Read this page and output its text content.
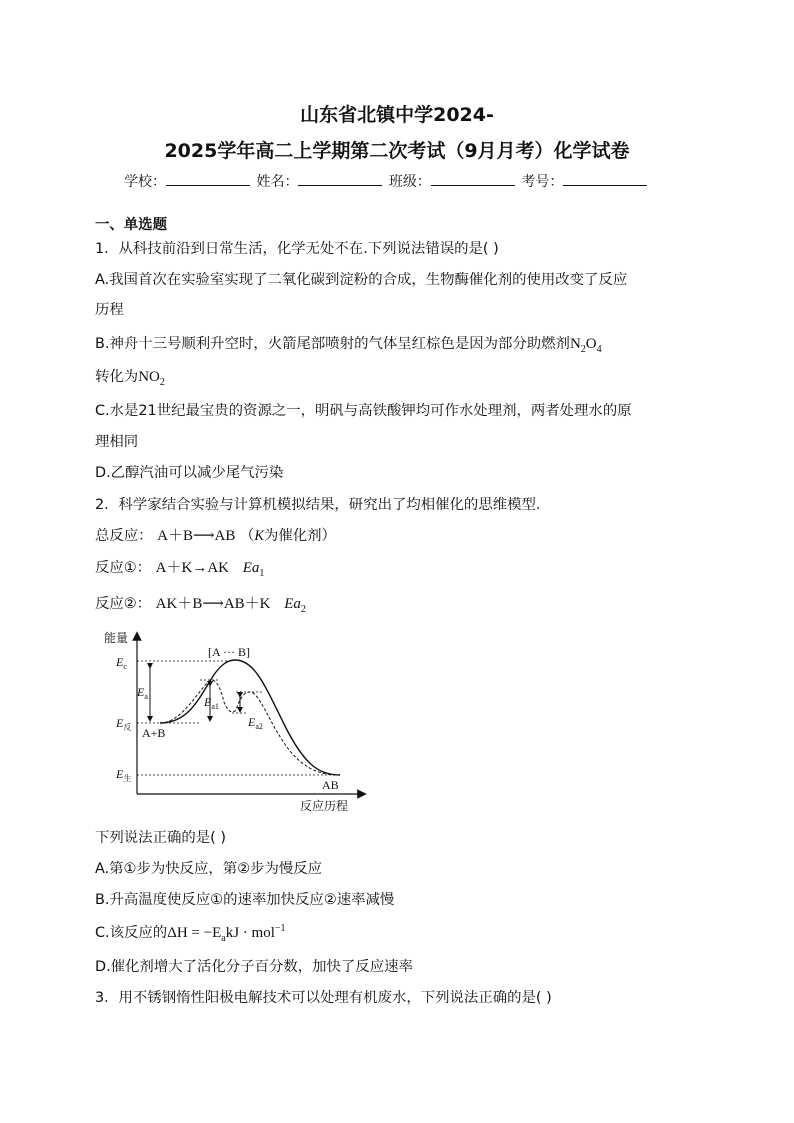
山东省北镇中学2024-
2025学年高二上学期第二次考试（9月月考）化学试卷
学校：	姓名：	班级：	考号：
一、单选题
1．从科技前沿到日常生活，化学无处不在.下列说法错误的是( )
A.我国首次在实验室实现了二氧化碳到淀粉的合成，生物酶催化剂的使用改变了反应
历程
B.神舟十三号顺利升空时，火箭尾部喷射的气体呈红棕色是因为部分助燃剂$N_2O_4$
转化为$NO_2$
C.水是21世纪最宝贵的资源之一，明矾与高铁酸钾均可作水处理剂，两者处理水的原
理相同
D.乙醇汽油可以减少尾气污染
2．科学家结合实验与计算机模拟结果，研究出了均相催化的思维模型.
总反应： A＋B⟶AB （K为催化剂）
反应①： A＋K→AK $Ea_1$
反应②： AK＋B⟶AB＋K $Ea_2$
能量
反应历程
[A ··· B]
$E_c$
$E_a$
$E_反$
$E_生$
$E_{a1}$
$E_{a2}$
A+B
AB
下列说法正确的是( )
A.第①步为快反应，第②步为慢反应
B.升高温度使反应①的速率加快反应②速率减慢
C.该反应的$\Delta H = -E_akJ \cdot mol^{-1}$
D.催化剂增大了活化分子百分数，加快了反应速率
3．用不锈钢惰性阳极电解技术可以处理有机废水，下列说法正确的是( )
